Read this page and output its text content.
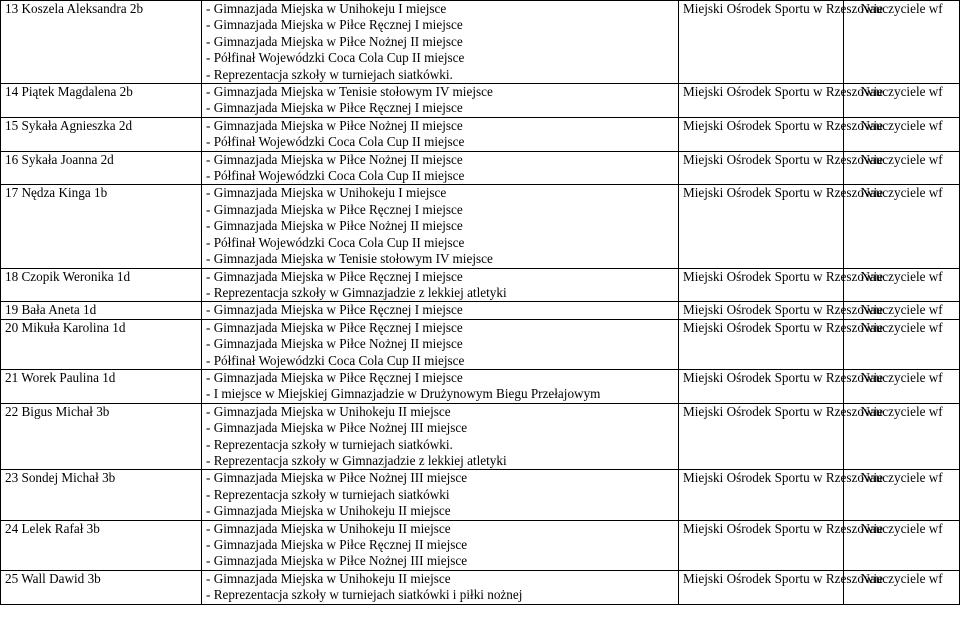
13 Koszela Aleksandra 2b	- Gimnazjada Miejska w Unihokeju I miejsce
- Gimnazjada Miejska w Piłce Ręcznej I miejsce
- Gimnazjada Miejska w Piłce Nożnej II miejsce
- Półfinał Wojewódzki Coca Cola Cup II miejsce
- Reprezentacja szkoły w turniejach siatkówki.	Miejski Ośrodek Sportu w Rzeszowie	Nauczyciele wf
14 Piątek Magdalena 2b	- Gimnazjada Miejska w Tenisie stołowym IV miejsce
- Gimnazjada Miejska w Piłce Ręcznej I miejsce	Miejski Ośrodek Sportu w Rzeszowie	Nauczyciele wf
15 Sykała Agnieszka 2d	- Gimnazjada Miejska w Piłce Nożnej II miejsce
- Półfinał Wojewódzki Coca Cola Cup II miejsce	Miejski Ośrodek Sportu w Rzeszowie	Nauczyciele wf
16 Sykała Joanna 2d	- Gimnazjada Miejska w Piłce Nożnej II miejsce
- Półfinał Wojewódzki Coca Cola Cup II miejsce	Miejski Ośrodek Sportu w Rzeszowie	Nauczyciele wf
17 Nędza Kinga 1b	- Gimnazjada Miejska w Unihokeju I miejsce
- Gimnazjada Miejska w Piłce Ręcznej I miejsce
- Gimnazjada Miejska w Piłce Nożnej II miejsce
- Półfinał Wojewódzki Coca Cola Cup II miejsce
- Gimnazjada Miejska w Tenisie stołowym IV miejsce	Miejski Ośrodek Sportu w Rzeszowie	Nauczyciele wf
18 Czopik Weronika 1d	- Gimnazjada Miejska w Piłce Ręcznej I miejsce
- Reprezentacja szkoły w Gimnazjadzie z lekkiej atletyki	Miejski Ośrodek Sportu w Rzeszowie	Nauczyciele wf
19 Bała Aneta 1d	- Gimnazjada Miejska w Piłce Ręcznej I miejsce	Miejski Ośrodek Sportu w Rzeszowie	Nauczyciele wf
20 Mikuła Karolina 1d	- Gimnazjada Miejska w Piłce Ręcznej I miejsce
- Gimnazjada Miejska w Piłce Nożnej II miejsce
- Półfinał Wojewódzki Coca Cola Cup II miejsce	Miejski Ośrodek Sportu w Rzeszowie	Nauczyciele wf
21 Worek Paulina 1d	- Gimnazjada Miejska w Piłce Ręcznej I miejsce
- I miejsce w Miejskiej Gimnazjadzie w Drużynowym Biegu Przełajowym	Miejski Ośrodek Sportu w Rzeszowie	Nauczyciele wf
22 Bigus Michał 3b	- Gimnazjada Miejska w Unihokeju II miejsce
- Gimnazjada Miejska w Piłce Nożnej III miejsce
- Reprezentacja szkoły w turniejach siatkówki.
- Reprezentacja szkoły w Gimnazjadzie z lekkiej atletyki	Miejski Ośrodek Sportu w Rzeszowie	Nauczyciele wf
23 Sondej Michał 3b	- Gimnazjada Miejska w Piłce Nożnej III miejsce
- Reprezentacja szkoły w turniejach siatkówki
- Gimnazjada Miejska w Unihokeju II miejsce	Miejski Ośrodek Sportu w Rzeszowie	Nauczyciele wf
24 Lelek Rafał 3b	- Gimnazjada Miejska w Unihokeju II miejsce
- Gimnazjada Miejska w Piłce Ręcznej II miejsce
- Gimnazjada Miejska w Piłce Nożnej III miejsce	Miejski Ośrodek Sportu w Rzeszowie	Nauczyciele wf
25 Wall Dawid 3b	- Gimnazjada Miejska w Unihokeju II miejsce
- Reprezentacja szkoły w turniejach siatkówki i piłki nożnej	Miejski Ośrodek Sportu w Rzeszowie	Nauczyciele wf
